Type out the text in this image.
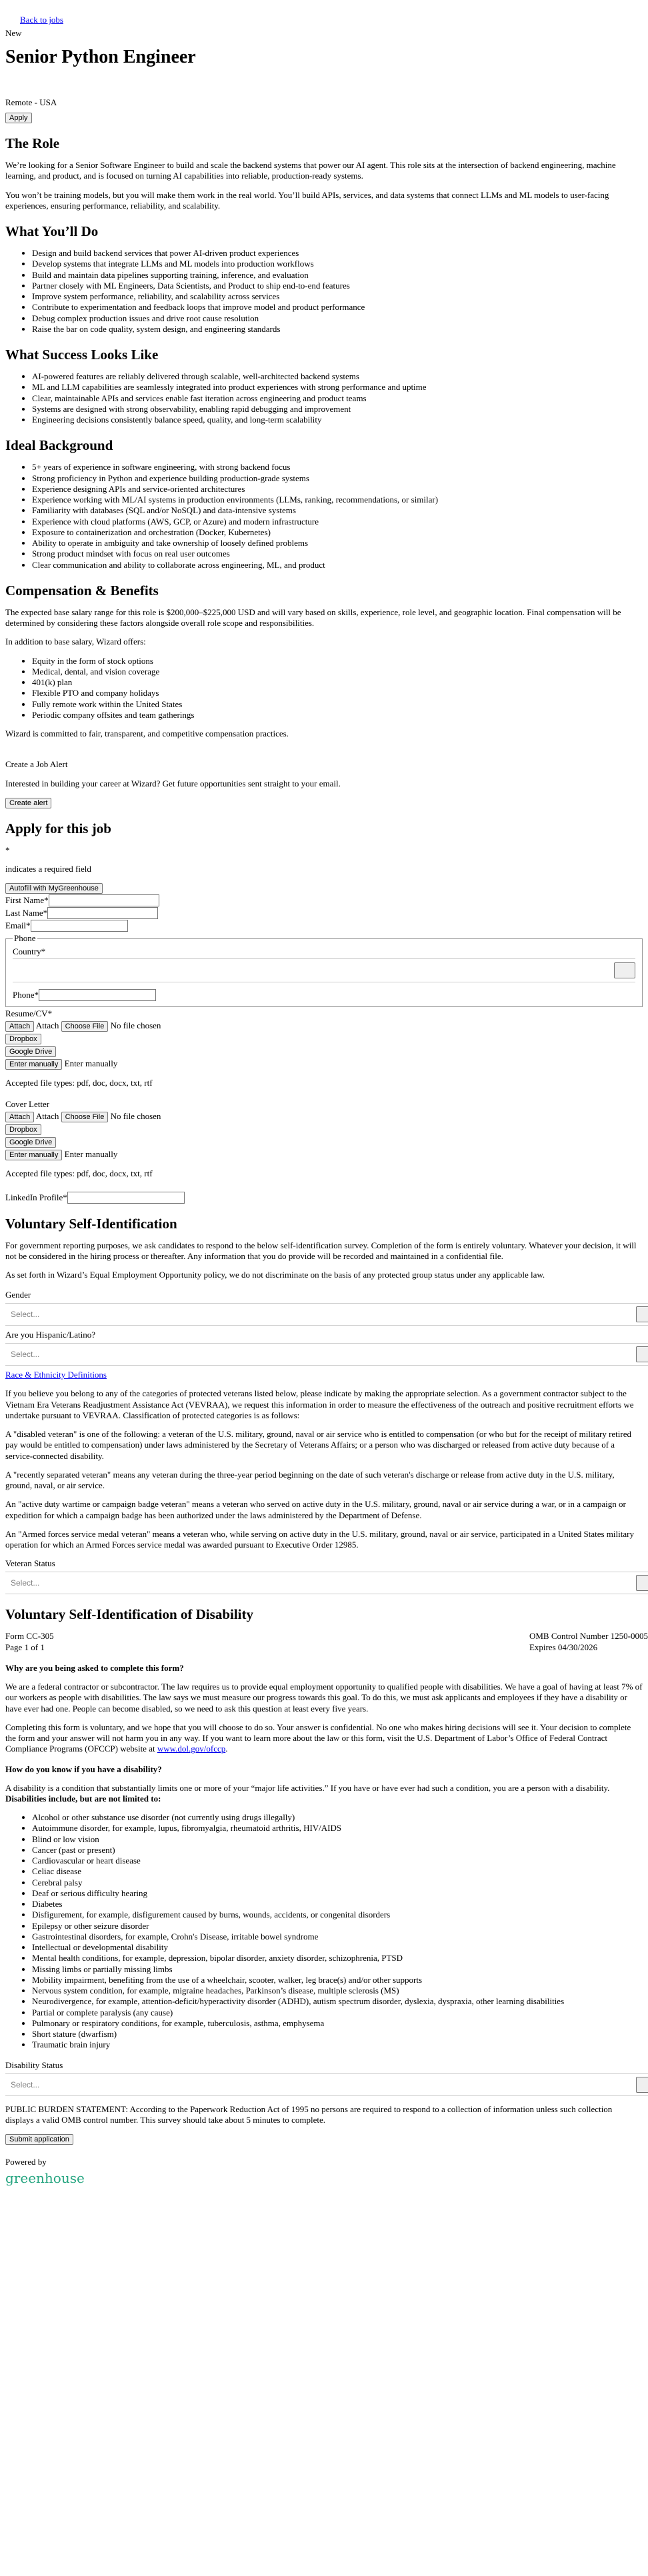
Back to jobs
New
Senior Python Engineer
Remote - USA
Apply
The Role

We’re looking for a Senior Software Engineer to build and scale the backend systems that power our AI agent. This role sits at the intersection of backend engineering, machine learning, and product, and is focused on turning AI capabilities into reliable, production-ready systems.

You won’t be training models, but you will make them work in the real world. You’ll build APIs, services, and data systems that connect LLMs and ML models to user-facing experiences, ensuring performance, reliability, and scalability.

What You’ll Do
• Design and build backend services that power AI-driven product experiences
• Develop systems that integrate LLMs and ML models into production workflows
• Build and maintain data pipelines supporting training, inference, and evaluation
• Partner closely with ML Engineers, Data Scientists, and Product to ship end-to-end features
• Improve system performance, reliability, and scalability across services
• Contribute to experimentation and feedback loops that improve model and product performance
• Debug complex production issues and drive root cause resolution
• Raise the bar on code quality, system design, and engineering standards
What Success Looks Like
• AI-powered features are reliably delivered through scalable, well-architected backend systems
• ML and LLM capabilities are seamlessly integrated into product experiences with strong performance and uptime
• Clear, maintainable APIs and services enable fast iteration across engineering and product teams
• Systems are designed with strong observability, enabling rapid debugging and improvement
• Engineering decisions consistently balance speed, quality, and long-term scalability
Ideal Background
• 5+ years of experience in software engineering, with strong backend focus
• Strong proficiency in Python and experience building production-grade systems
• Experience designing APIs and service-oriented architectures
• Experience working with ML/AI systems in production environments (LLMs, ranking, recommendations, or similar)
• Familiarity with databases (SQL and/or NoSQL) and data-intensive systems
• Experience with cloud platforms (AWS, GCP, or Azure) and modern infrastructure
• Exposure to containerization and orchestration (Docker, Kubernetes)
• Ability to operate in ambiguity and take ownership of loosely defined problems
• Strong product mindset with focus on real user outcomes
• Clear communication and ability to collaborate across engineering, ML, and product
Compensation & Benefits

The expected base salary range for this role is $200,000–$225,000 USD and will vary based on skills, experience, role level, and geographic location. Final compensation will be determined by considering these factors alongside overall role scope and responsibilities.

In addition to base salary, Wizard offers:

• Equity in the form of stock options
• Medical, dental, and vision coverage
• 401(k) plan
• Flexible PTO and company holidays
• Fully remote work within the United States
• Periodic company offsites and team gatherings

Wizard is committed to fair, transparent, and competitive compensation practices.

Create a Job Alert

Interested in building your career at Wizard? Get future opportunities sent straight to your email.

Create alert
Apply for this job
*

indicates a required field

Autofill with MyGreenhouse
First Name*
Last Name*
Email*
Phone
Country*
Phone*
Resume/CV*
Attach Attach Choose File No file chosen
Dropbox
Google Drive
Enter manually Enter manually

Accepted file types: pdf, doc, docx, txt, rtf

Cover Letter
Attach Attach Choose File No file chosen
Dropbox
Google Drive
Enter manually Enter manually

Accepted file types: pdf, doc, docx, txt, rtf

LinkedIn Profile*
Voluntary Self-Identification

For government reporting purposes, we ask candidates to respond to the below self-identification survey. Completion of the form is entirely voluntary. Whatever your decision, it will not be considered in the hiring process or thereafter. Any information that you do provide will be recorded and maintained in a confidential file.

As set forth in Wizard’s Equal Employment Opportunity policy, we do not discriminate on the basis of any protected group status under any applicable law.

Gender
Select...
Are you Hispanic/Latino?
Select...
Race & Ethnicity Definitions

If you believe you belong to any of the categories of protected veterans listed below, please indicate by making the appropriate selection. As a government contractor subject to the Vietnam Era Veterans Readjustment Assistance Act (VEVRAA), we request this information in order to measure the effectiveness of the outreach and positive recruitment efforts we undertake pursuant to VEVRAA. Classification of protected categories is as follows:

A "disabled veteran" is one of the following: a veteran of the U.S. military, ground, naval or air service who is entitled to compensation (or who but for the receipt of military retired pay would be entitled to compensation) under laws administered by the Secretary of Veterans Affairs; or a person who was discharged or released from active duty because of a service-connected disability.

A "recently separated veteran" means any veteran during the three-year period beginning on the date of such veteran's discharge or release from active duty in the U.S. military, ground, naval, or air service.

An "active duty wartime or campaign badge veteran" means a veteran who served on active duty in the U.S. military, ground, naval or air service during a war, or in a campaign or expedition for which a campaign badge has been authorized under the laws administered by the Department of Defense.

An "Armed forces service medal veteran" means a veteran who, while serving on active duty in the U.S. military, ground, naval or air service, participated in a United States military operation for which an Armed Forces service medal was awarded pursuant to Executive Order 12985.

Veteran Status
Select...
Voluntary Self-Identification of Disability
Form CC-305
Page 1 of 1
OMB Control Number 1250-0005
Expires 04/30/2026
Why are you being asked to complete this form?

We are a federal contractor or subcontractor. The law requires us to provide equal employment opportunity to qualified people with disabilities. We have a goal of having at least 7% of our workers as people with disabilities. The law says we must measure our progress towards this goal. To do this, we must ask applicants and employees if they have a disability or have ever had one. People can become disabled, so we need to ask this question at least every five years.

Completing this form is voluntary, and we hope that you will choose to do so. Your answer is confidential. No one who makes hiring decisions will see it. Your decision to complete the form and your answer will not harm you in any way. If you want to learn more about the law or this form, visit the U.S. Department of Labor’s Office of Federal Contract Compliance Programs (OFCCP) website at www.dol.gov/ofccp.

How do you know if you have a disability?

A disability is a condition that substantially limits one or more of your “major life activities.” If you have or have ever had such a condition, you are a person with a disability. Disabilities include, but are not limited to:

• Alcohol or other substance use disorder (not currently using drugs illegally)
• Autoimmune disorder, for example, lupus, fibromyalgia, rheumatoid arthritis, HIV/AIDS
• Blind or low vision
• Cancer (past or present)
• Cardiovascular or heart disease
• Celiac disease
• Cerebral palsy
• Deaf or serious difficulty hearing
• Diabetes
• Disfigurement, for example, disfigurement caused by burns, wounds, accidents, or congenital disorders
• Epilepsy or other seizure disorder
• Gastrointestinal disorders, for example, Crohn's Disease, irritable bowel syndrome
• Intellectual or developmental disability
• Mental health conditions, for example, depression, bipolar disorder, anxiety disorder, schizophrenia, PTSD
• Missing limbs or partially missing limbs
• Mobility impairment, benefiting from the use of a wheelchair, scooter, walker, leg brace(s) and/or other supports
• Nervous system condition, for example, migraine headaches, Parkinson’s disease, multiple sclerosis (MS)
• Neurodivergence, for example, attention-deficit/hyperactivity disorder (ADHD), autism spectrum disorder, dyslexia, dyspraxia, other learning disabilities
• Partial or complete paralysis (any cause)
• Pulmonary or respiratory conditions, for example, tuberculosis, asthma, emphysema
• Short stature (dwarfism)
• Traumatic brain injury
Disability Status
Select...

PUBLIC BURDEN STATEMENT: According to the Paperwork Reduction Act of 1995 no persons are required to respond to a collection of information unless such collection displays a valid OMB control number. This survey should take about 5 minutes to complete.

Submit application

Powered by

greenhouse
